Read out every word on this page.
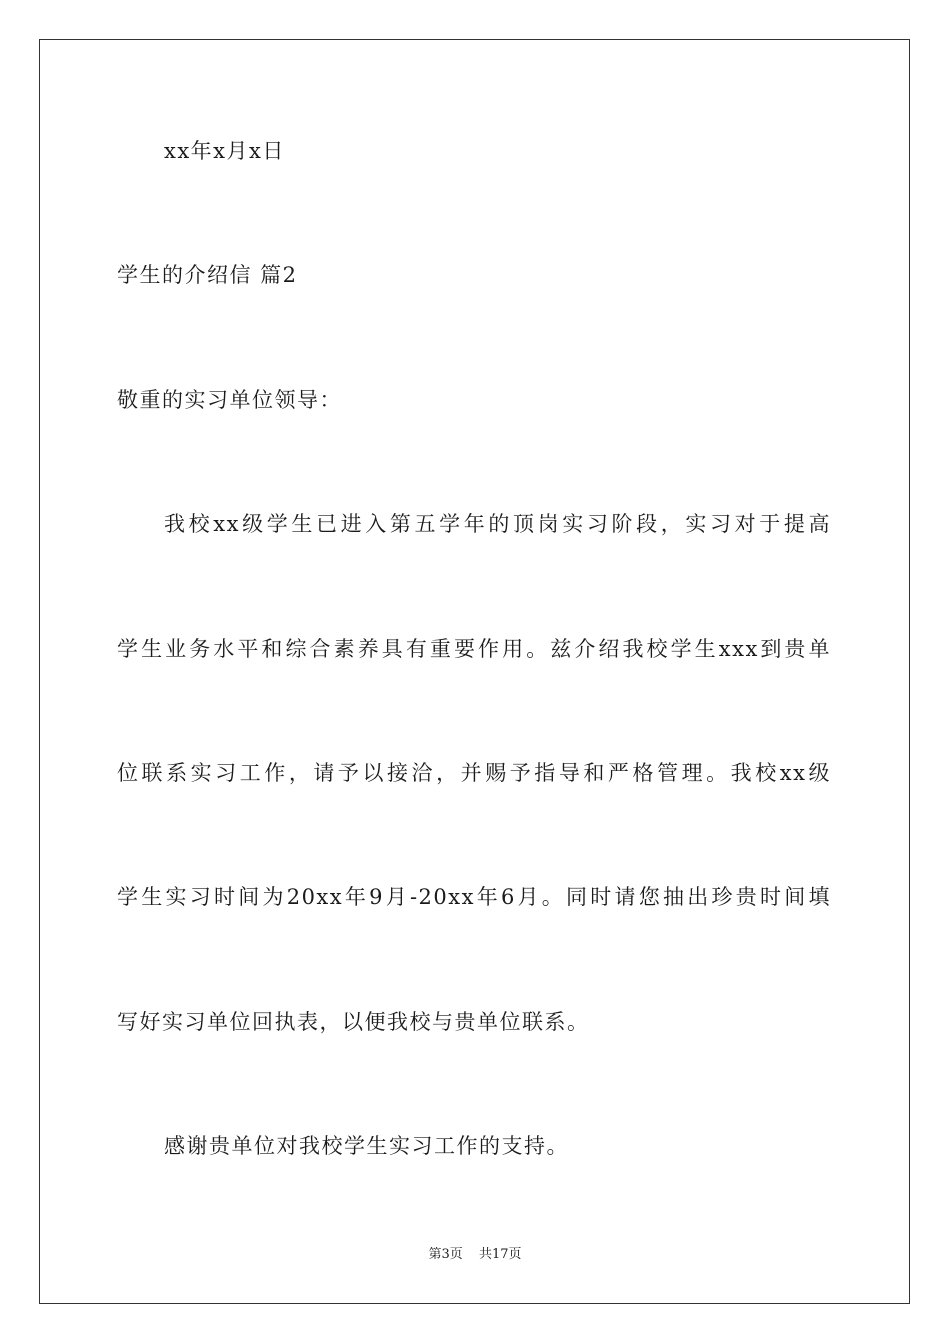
xx年x月x日
学生的介绍信 篇2
敬重的实习单位领导：
我校xx级学生已进入第五学年的顶岗实习阶段，实习对于提高
学生业务水平和综合素养具有重要作用。兹介绍我校学生xxx到贵单
位联系实习工作，请予以接洽，并赐予指导和严格管理。我校xx级
学生实习时间为20xx年9月-20xx年6月。同时请您抽出珍贵时间填
写好实习单位回执表，以便我校与贵单位联系。
感谢贵单位对我校学生实习工作的支持。
第3页 共17页
